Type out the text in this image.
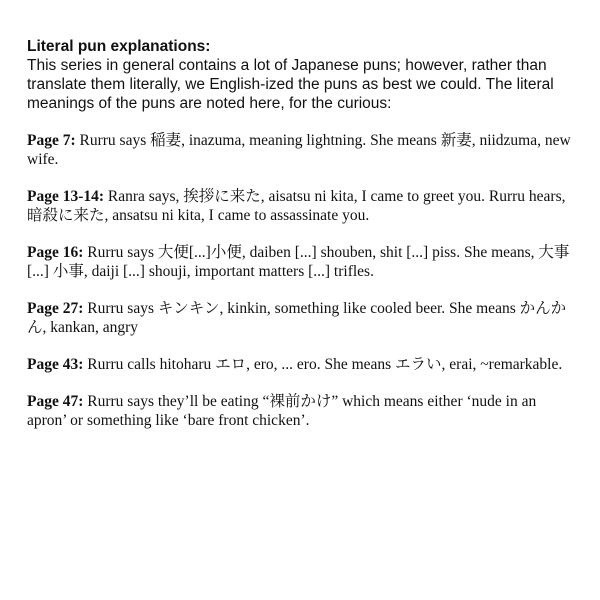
Literal pun explanations:

This series in general contains a lot of Japanese puns; however, rather than translate them literally, we English-ized the puns as best we could. The literal meanings of the puns are noted here, for the curious:

Page 7: Rurru says 稲妻, inazuma, meaning lightning. She means 新妻, niidzuma, new wife.

Page 13-14: Ranra says, 挨拶に来た, aisatsu ni kita, I came to greet you. Rurru hears, 暗殺に来た, ansatsu ni kita, I came to assassinate you.

Page 16: Rurru says 大便[...]小便, daiben [...] shouben, shit [...] piss. She means, 大事 [...] 小事, daiji [...] shouji, important matters [...] trifles.

Page 27: Rurru says キンキン, kinkin, something like cooled beer. She means かんかん, kankan, angry

Page 43: Rurru calls hitoharu エロ, ero, ... ero. She means エラい, erai, ~remarkable.

Page 47: Rurru says they’ll be eating “裸前かけ” which means either ‘nude in an apron’ or something like ‘bare front chicken’.
